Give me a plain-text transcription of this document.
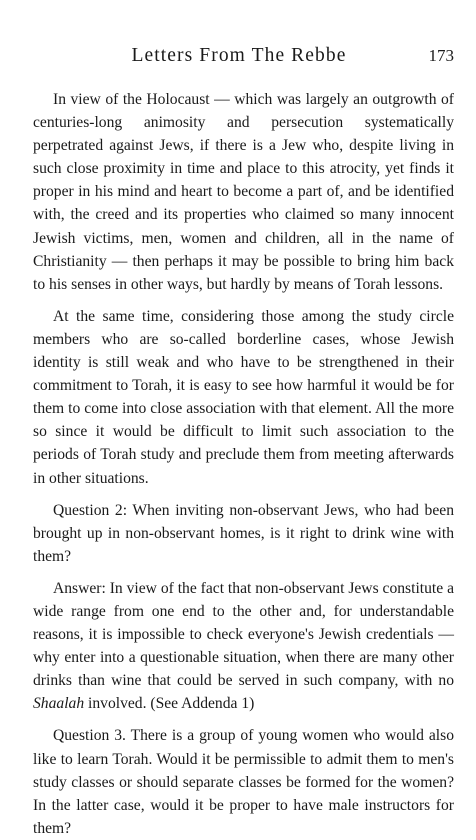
Letters From The Rebbe	173

In view of the Holocaust — which was largely an outgrowth of centuries-long animosity and persecution systematically perpetrated against Jews, if there is a Jew who, despite living in such close proximity in time and place to this atrocity, yet finds it proper in his mind and heart to become a part of, and be identified with, the creed and its properties who claimed so many innocent Jewish victims, men, women and children, all in the name of Christianity — then perhaps it may be possible to bring him back to his senses in other ways, but hardly by means of Torah lessons.

At the same time, considering those among the study circle members who are so-called borderline cases, whose Jewish identity is still weak and who have to be strengthened in their commitment to Torah, it is easy to see how harmful it would be for them to come into close association with that element. All the more so since it would be difficult to limit such association to the periods of Torah study and preclude them from meeting afterwards in other situations.

Question 2: When inviting non-observant Jews, who had been brought up in non-observant homes, is it right to drink wine with them?

Answer: In view of the fact that non-observant Jews constitute a wide range from one end to the other and, for understandable reasons, it is impossible to check everyone's Jewish credentials — why enter into a questionable situation, when there are many other drinks than wine that could be served in such company, with no Shaalah involved. (See Addenda 1)

Question 3. There is a group of young women who would also like to learn Torah. Would it be permissible to admit them to men's study classes or should separate classes be formed for the women? In the latter case, would it be proper to have male instructors for them?
